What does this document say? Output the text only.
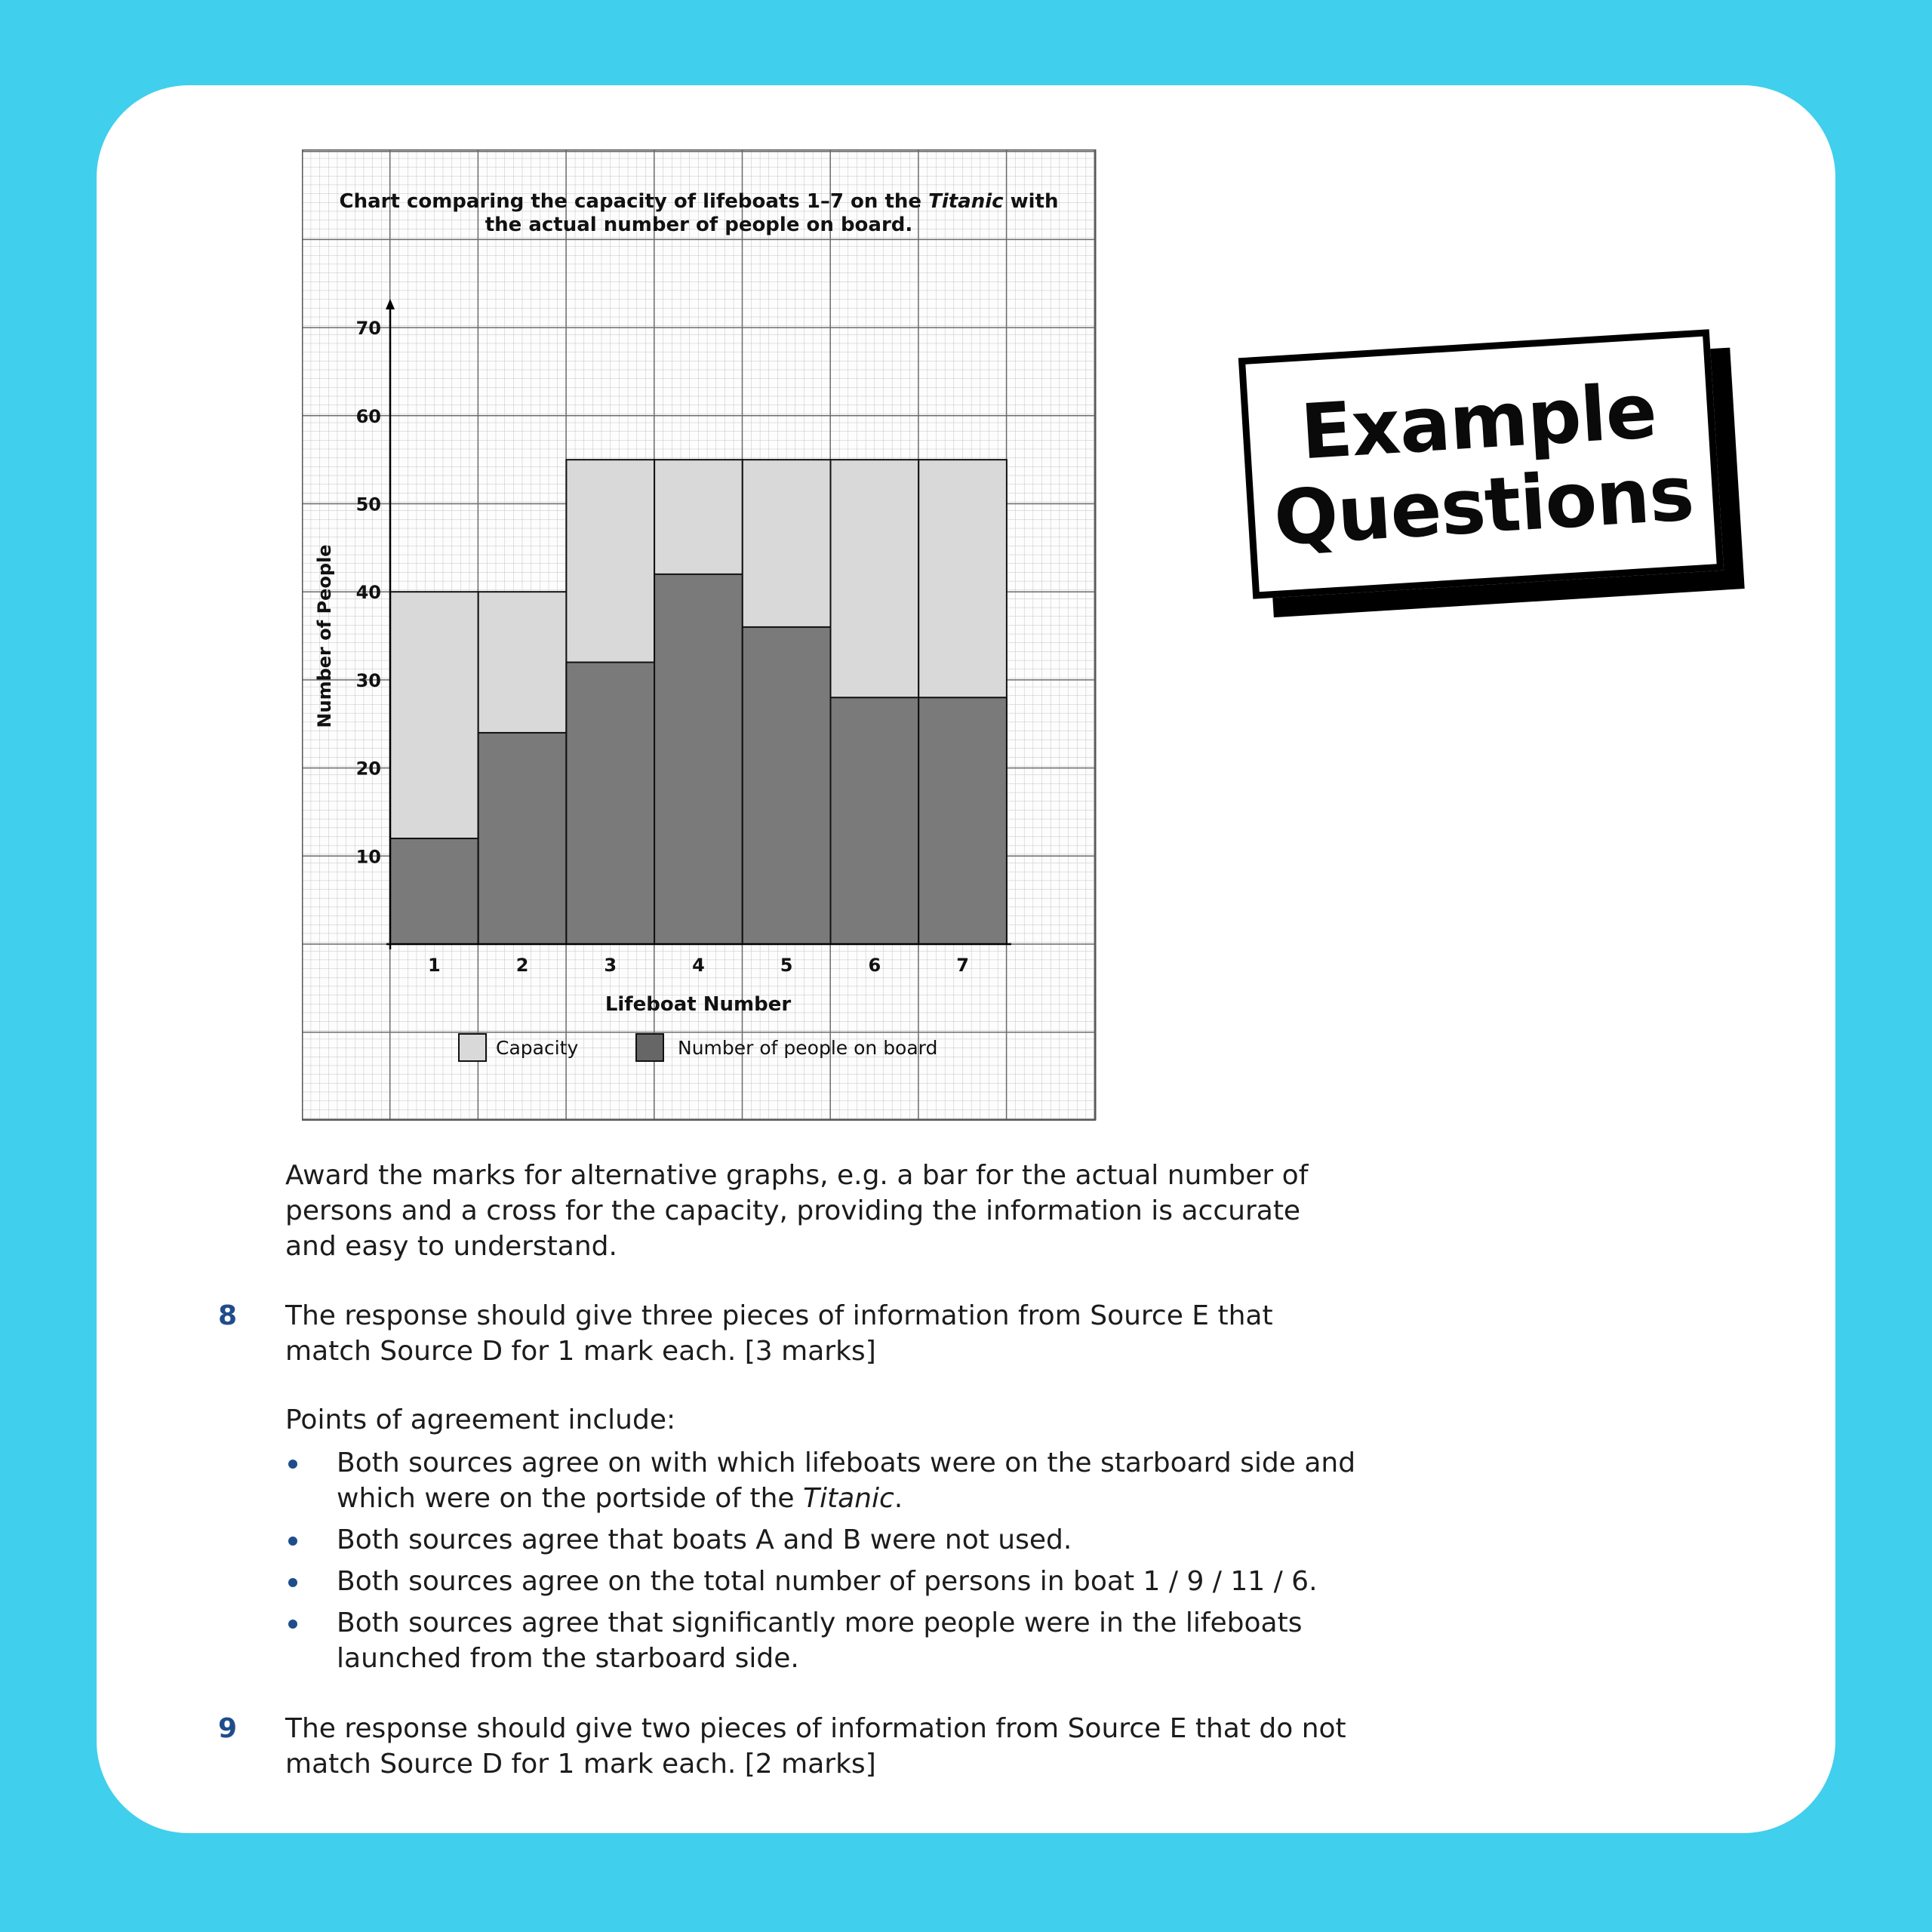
Chart comparing the capacity of lifeboats 1–7 on the Titanic with
the actual number of people on board.
10
20
30
40
50
60
70
1	2	3	4	5	6	7
Number of People
Lifeboat Number
Capacity	Number of people on board
Example
Questions

Award the marks for alternative graphs, e.g. a bar for the actual number of persons and a cross for the capacity, providing the information is accurate and easy to understand.

8 The response should give three pieces of information from Source E that match Source D for 1 mark each. [3 marks]

Points of agreement include:

Both sources agree on with which lifeboats were on the starboard side and which were on the portside of the Titanic.
Both sources agree that boats A and B were not used.
Both sources agree on the total number of persons in boat 1 / 9 / 11 / 6.
Both sources agree that significantly more people were in the lifeboats launched from the starboard side.
9 The response should give two pieces of information from Source E that do not match Source D for 1 mark each. [2 marks]
